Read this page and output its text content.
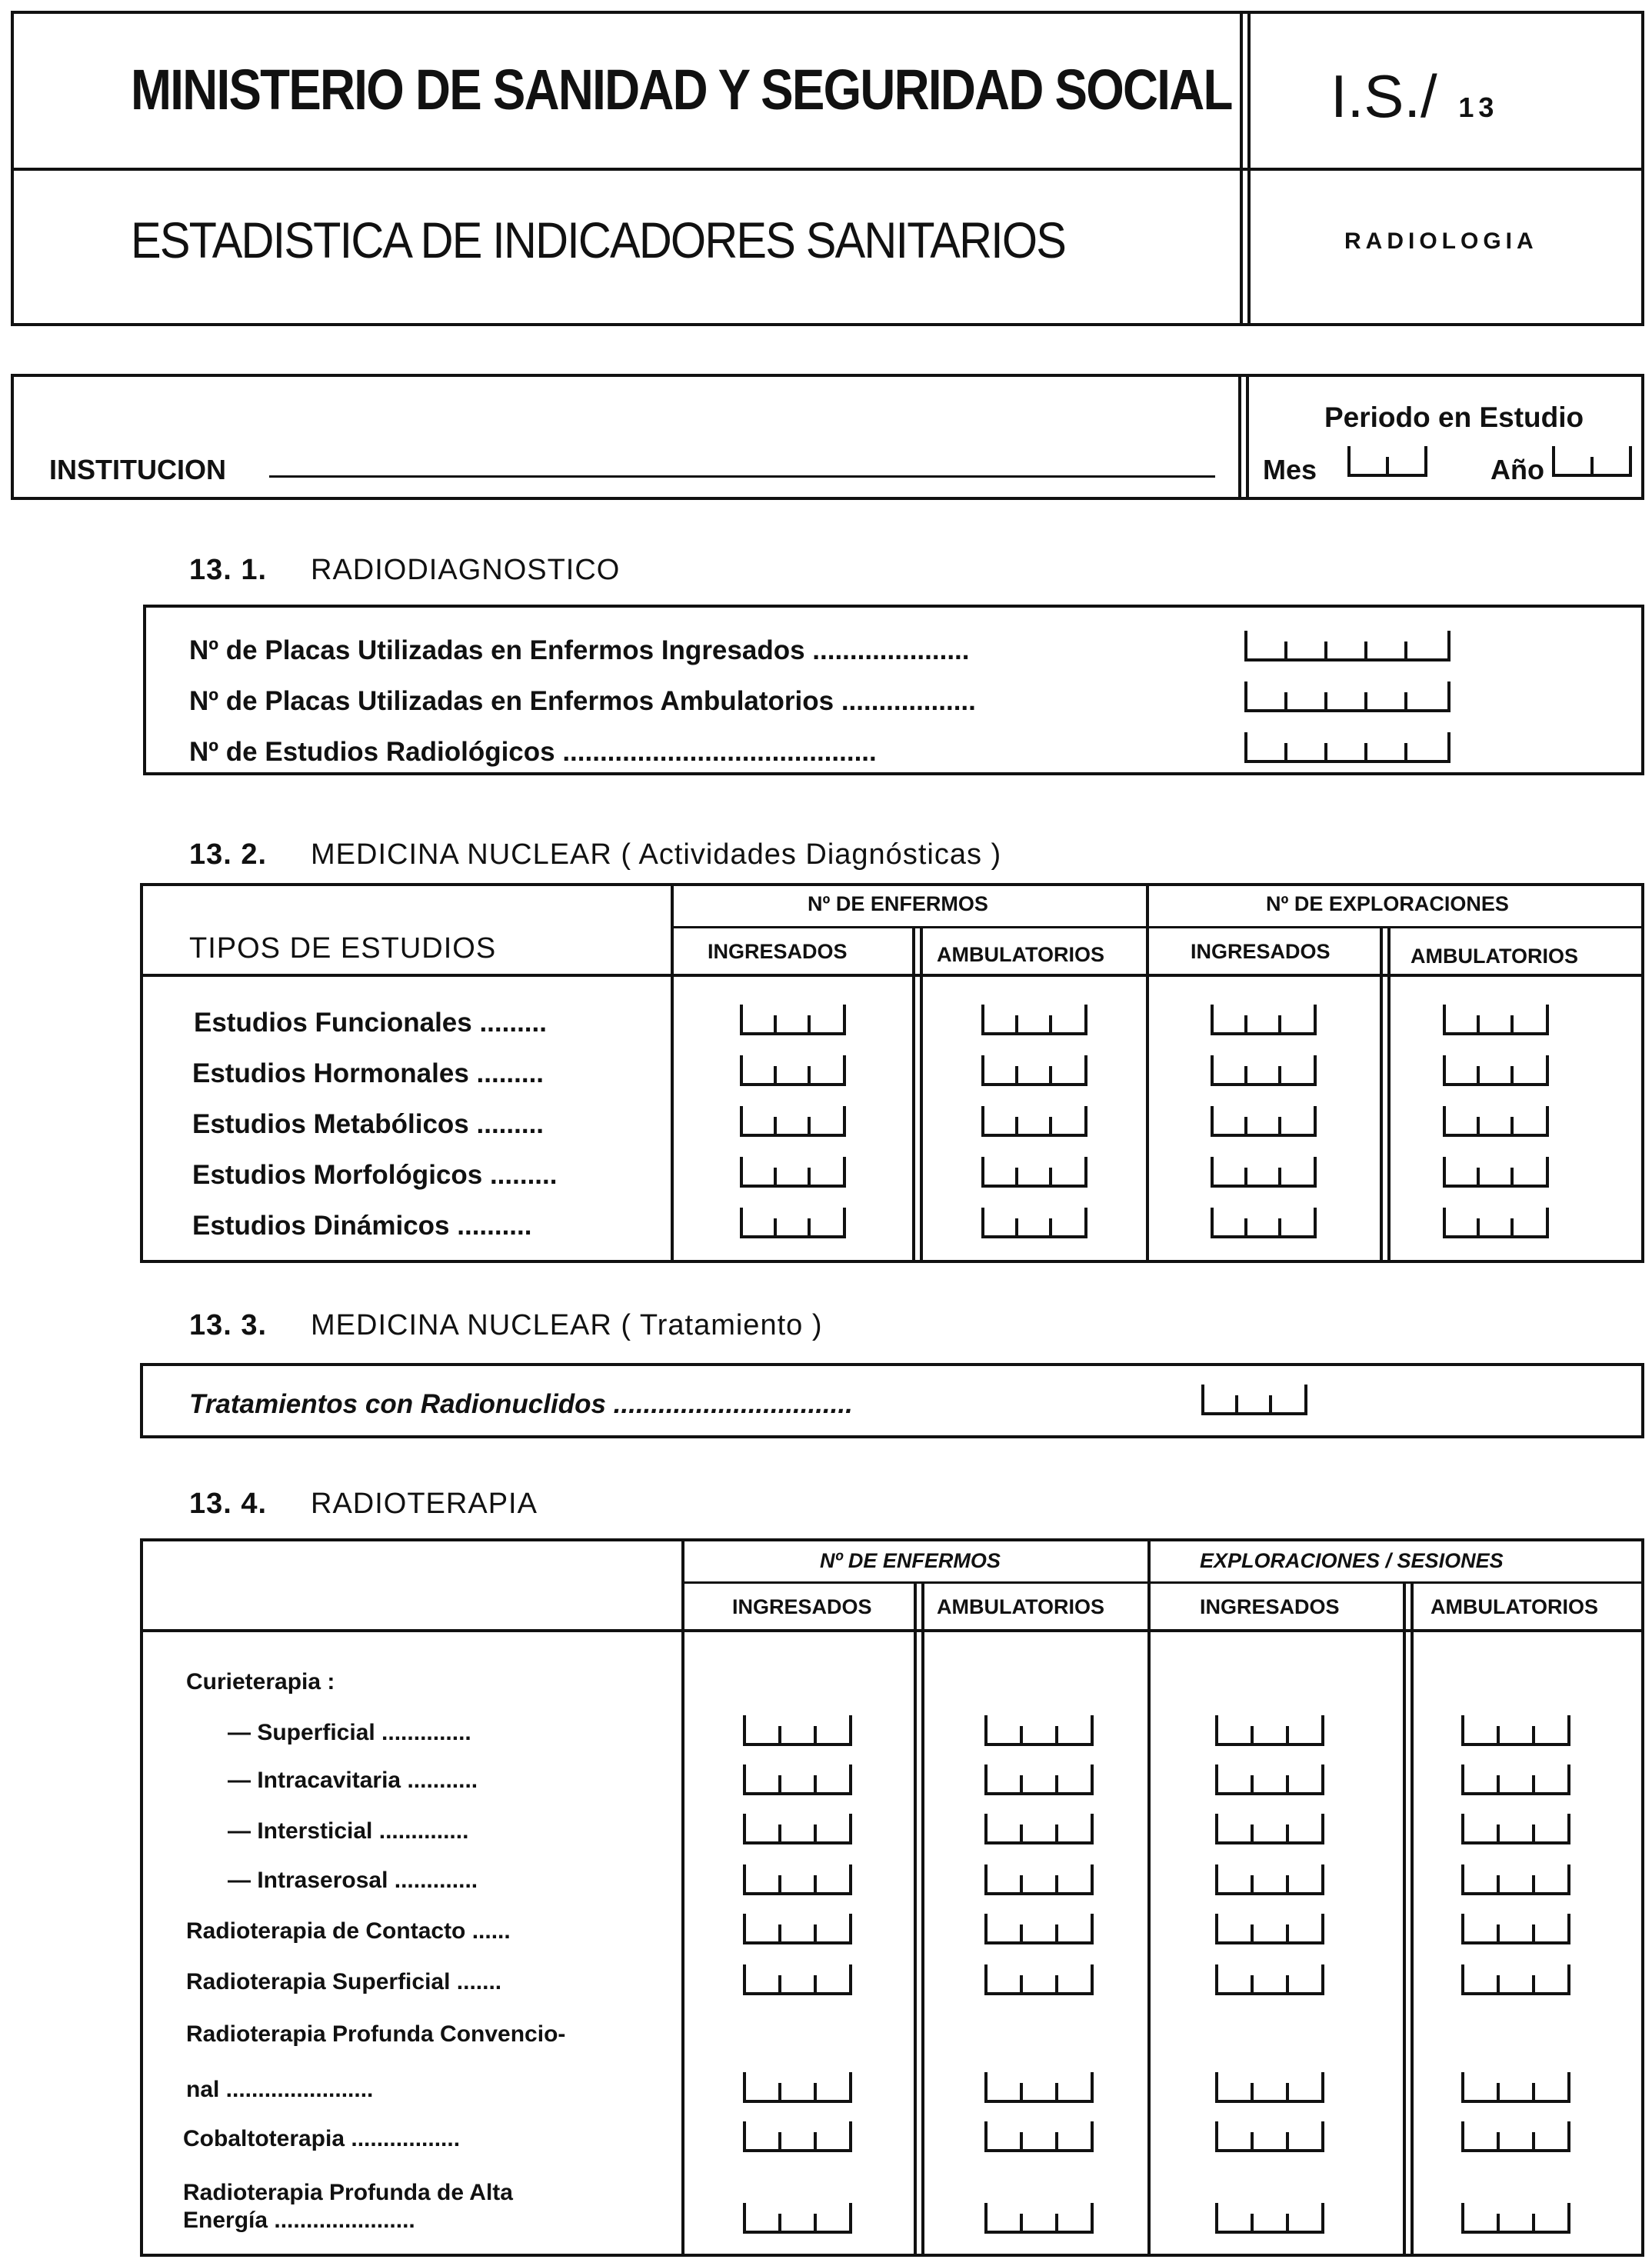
MINISTERIO DE SANIDAD Y SEGURIDAD SOCIAL I.S./ 13
ESTADISTICA DE INDICADORES SANITARIOS	RADIOLOGIA
INSTITUCION
Periodo en Estudio
Mes	Año
13. 1. RADIODIAGNOSTICO
Nº de Placas Utilizadas en Enfermos Ingresados .....................
Nº de Placas Utilizadas en Enfermos Ambulatorios ..................
Nº de Estudios Radiológicos ..........................................
13. 2. MEDICINA NUCLEAR ( Actividades Diagnósticas )
Nº DE ENFERMOS	Nº DE EXPLORACIONES
TIPOS DE ESTUDIOS	INGRESADOS	AMBULATORIOS	INGRESADOS	AMBULATORIOS
Estudios Funcionales .........
Estudios Hormonales .........
Estudios Metabólicos .........
Estudios Morfológicos .........
Estudios Dinámicos ..........
13. 3. MEDICINA NUCLEAR ( Tratamiento )
Tratamientos con Radionuclidos ................................
13. 4. RADIOTERAPIA
Nº DE ENFERMOS	EXPLORACIONES / SESIONES
INGRESADOS	AMBULATORIOS	INGRESADOS	AMBULATORIOS
Curieterapia :
— Superficial ..............
— Intracavitaria ...........
— Intersticial ..............
— Intraserosal .............
Radioterapia de Contacto ......
Radioterapia Superficial .......
Radioterapia Profunda Convencio-
nal .......................
Cobaltoterapia .................
Radioterapia Profunda de Alta
Energía ......................
